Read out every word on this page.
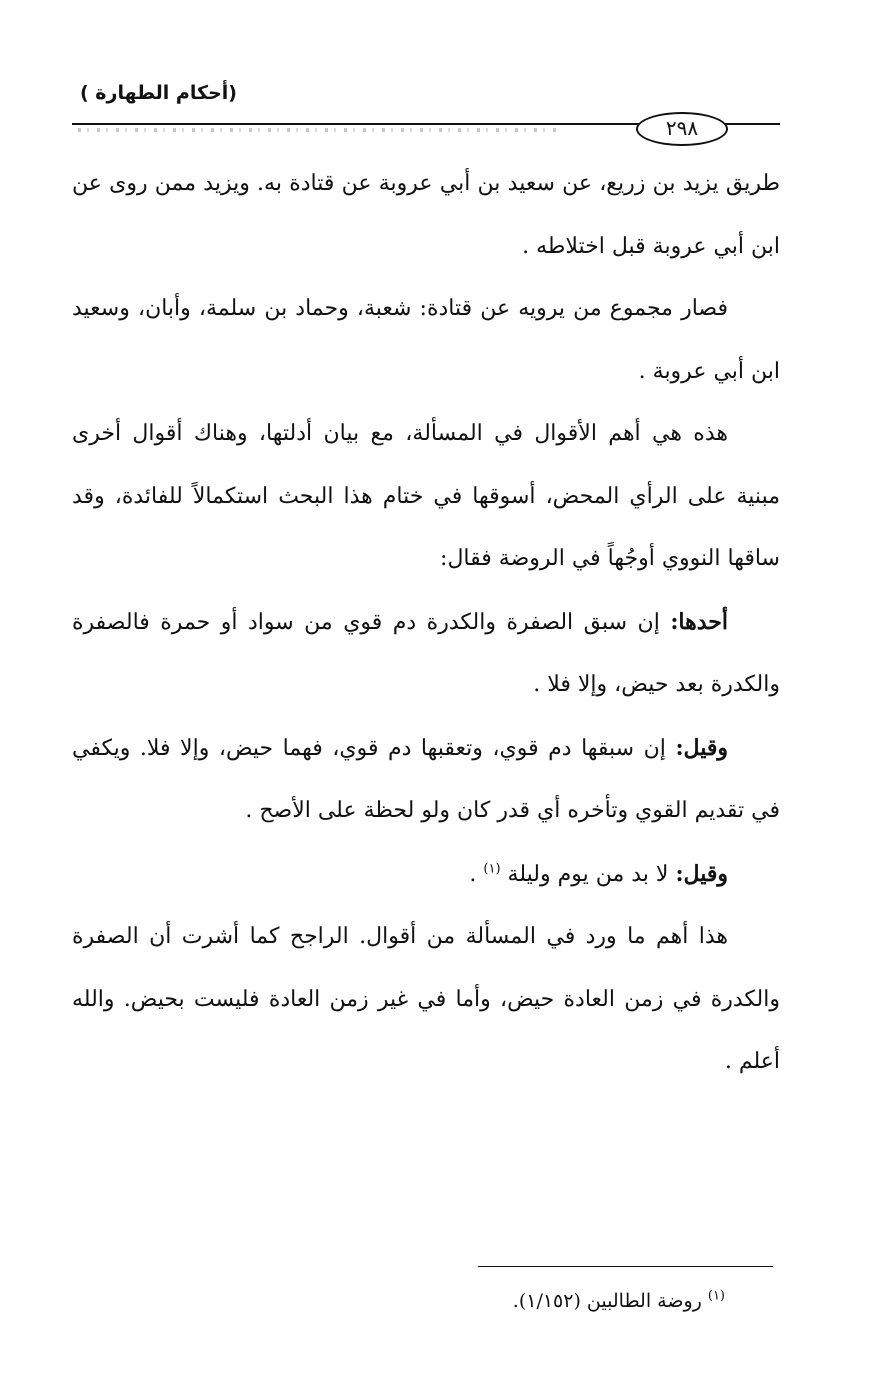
(أحكام الطهارة )
٢٩٨

طريق يزيد بن زريع، عن سعيد بن أبي عروبة عن قتادة به. ويزيد ممن روى عن ابن أبي عروبة قبل اختلاطه .

فصار مجموع من يرويه عن قتادة: شعبة، وحماد بن سلمة، وأبان، وسعيد ابن أبي عروبة .

هذه هي أهم الأقوال في المسألة، مع بيان أدلتها، وهناك أقوال أخرى مبنية على الرأي المحض، أسوقها في ختام هذا البحث استكمالاً للفائدة، وقد ساقها النووي أوجُهاً في الروضة فقال:

أحدها: إن سبق الصفرة والكدرة دم قوي من سواد أو حمرة فالصفرة والكدرة بعد حيض، وإلا فلا .

وقيل: إن سبقها دم قوي، وتعقبها دم قوي، فهما حيض، وإلا فلا. ويكفي في تقديم القوي وتأخره أي قدر كان ولو لحظة على الأصح .

وقيل: لا بد من يوم وليلة $^{(١)}$ .

هذا أهم ما ورد في المسألة من أقوال. الراجح كما أشرت أن الصفرة والكدرة في زمن العادة حيض، وأما في غير زمن العادة فليست بحيض. والله أعلم .

$^{(١)}$ روضة الطالبين (١/١٥٢).
